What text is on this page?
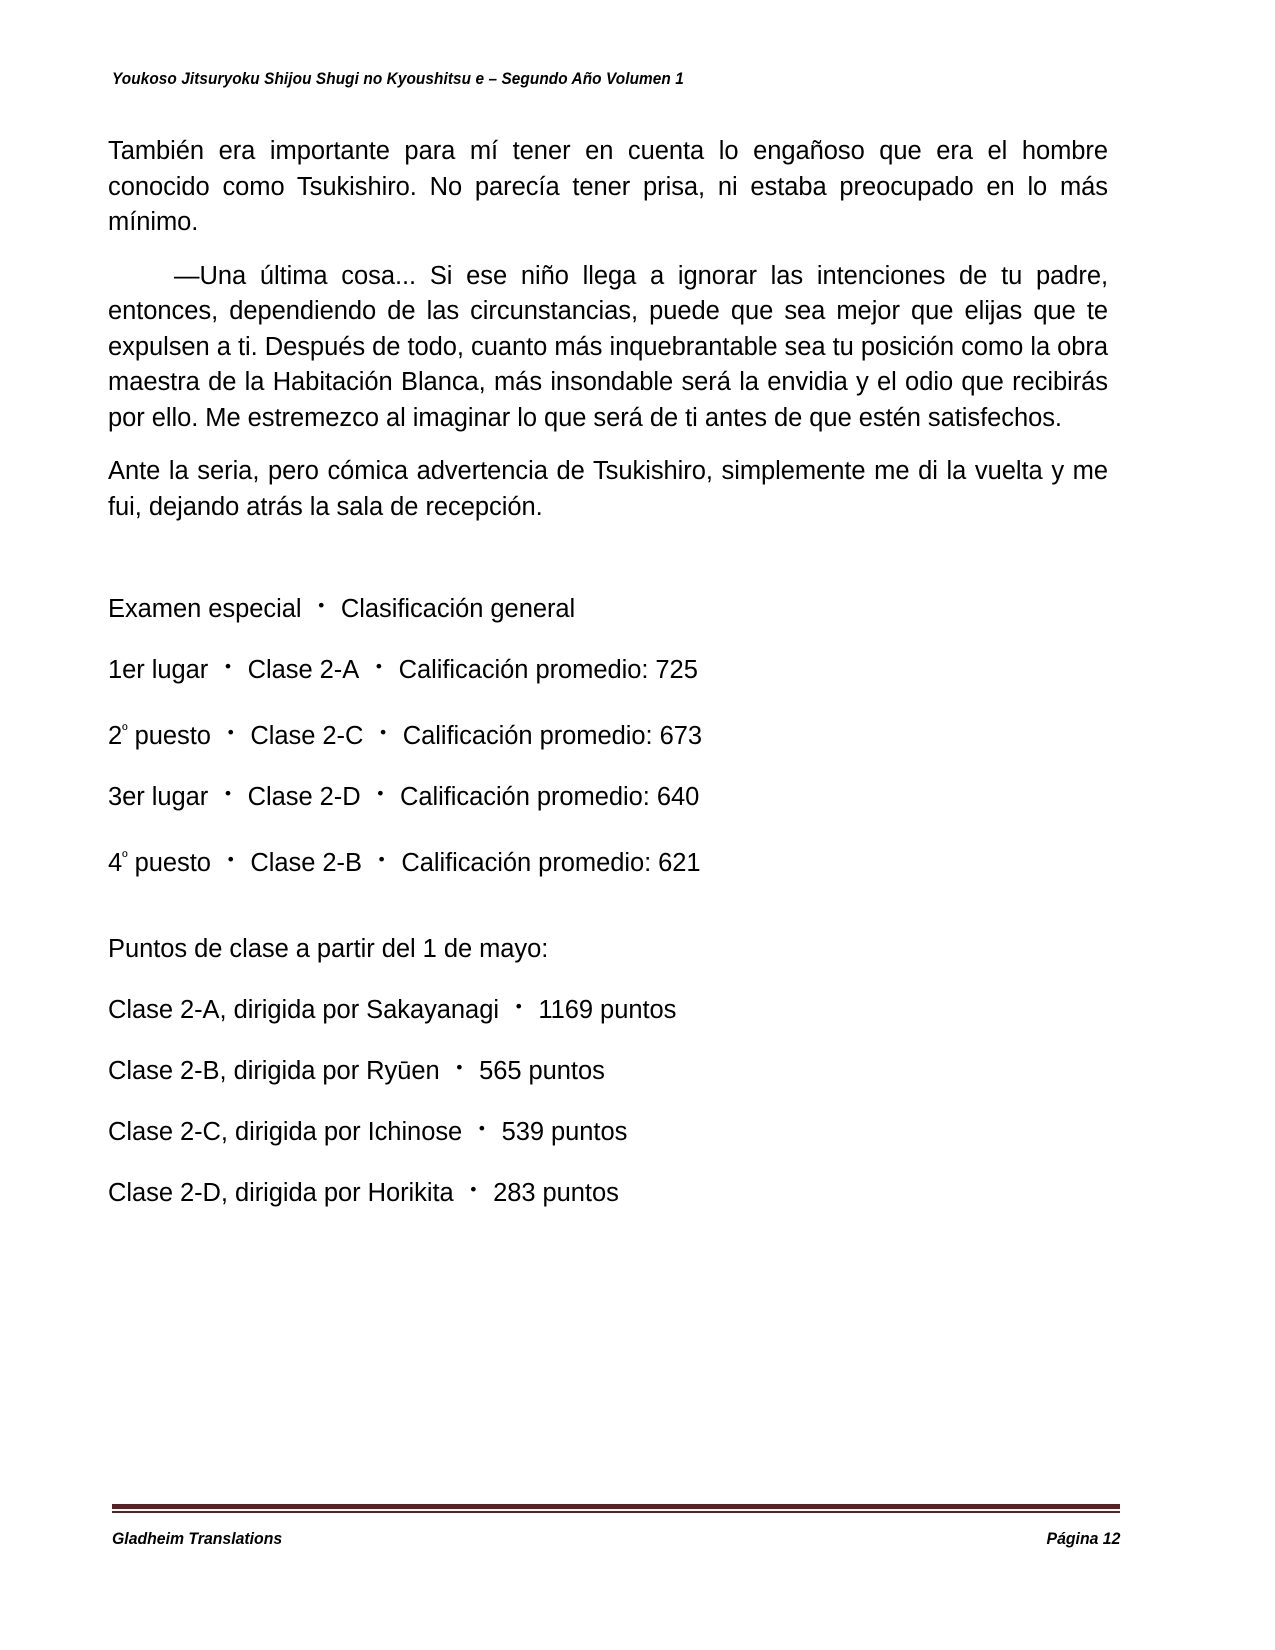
Youkoso Jitsuryoku Shijou Shugi no Kyoushitsu e – Segundo Año Volumen 1

También era importante para mí tener en cuenta lo engañoso que era el hombre conocido como Tsukishiro. No parecía tener prisa, ni estaba preocupado en lo más mínimo.

—Una última cosa... Si ese niño llega a ignorar las intenciones de tu padre, entonces, dependiendo de las circunstancias, puede que sea mejor que elijas que te expulsen a ti. Después de todo, cuanto más inquebrantable sea tu posición como la obra maestra de la Habitación Blanca, más insondable será la envidia y el odio que recibirás por ello. Me estremezco al imaginar lo que será de ti antes de que estén satisfechos.

Ante la seria, pero cómica advertencia de Tsukishiro, simplemente me di la vuelta y me fui, dejando atrás la sala de recepción.

Examen especial ・ Clasificación general
1er lugar ・ Clase 2-A ・ Calificación promedio: 725
$2^º$ puesto ・ Clase 2-C ・ Calificación promedio: 673
3er lugar ・ Clase 2-D ・ Calificación promedio: 640
$4^º$ puesto ・ Clase 2-B ・ Calificación promedio: 621
Puntos de clase a partir del 1 de mayo:
Clase 2-A, dirigida por Sakayanagi ・ 1169 puntos
Clase 2-B, dirigida por Ryūen ・ 565 puntos
Clase 2-C, dirigida por Ichinose ・ 539 puntos
Clase 2-D, dirigida por Horikita ・ 283 puntos
Gladheim Translations	Página 12
